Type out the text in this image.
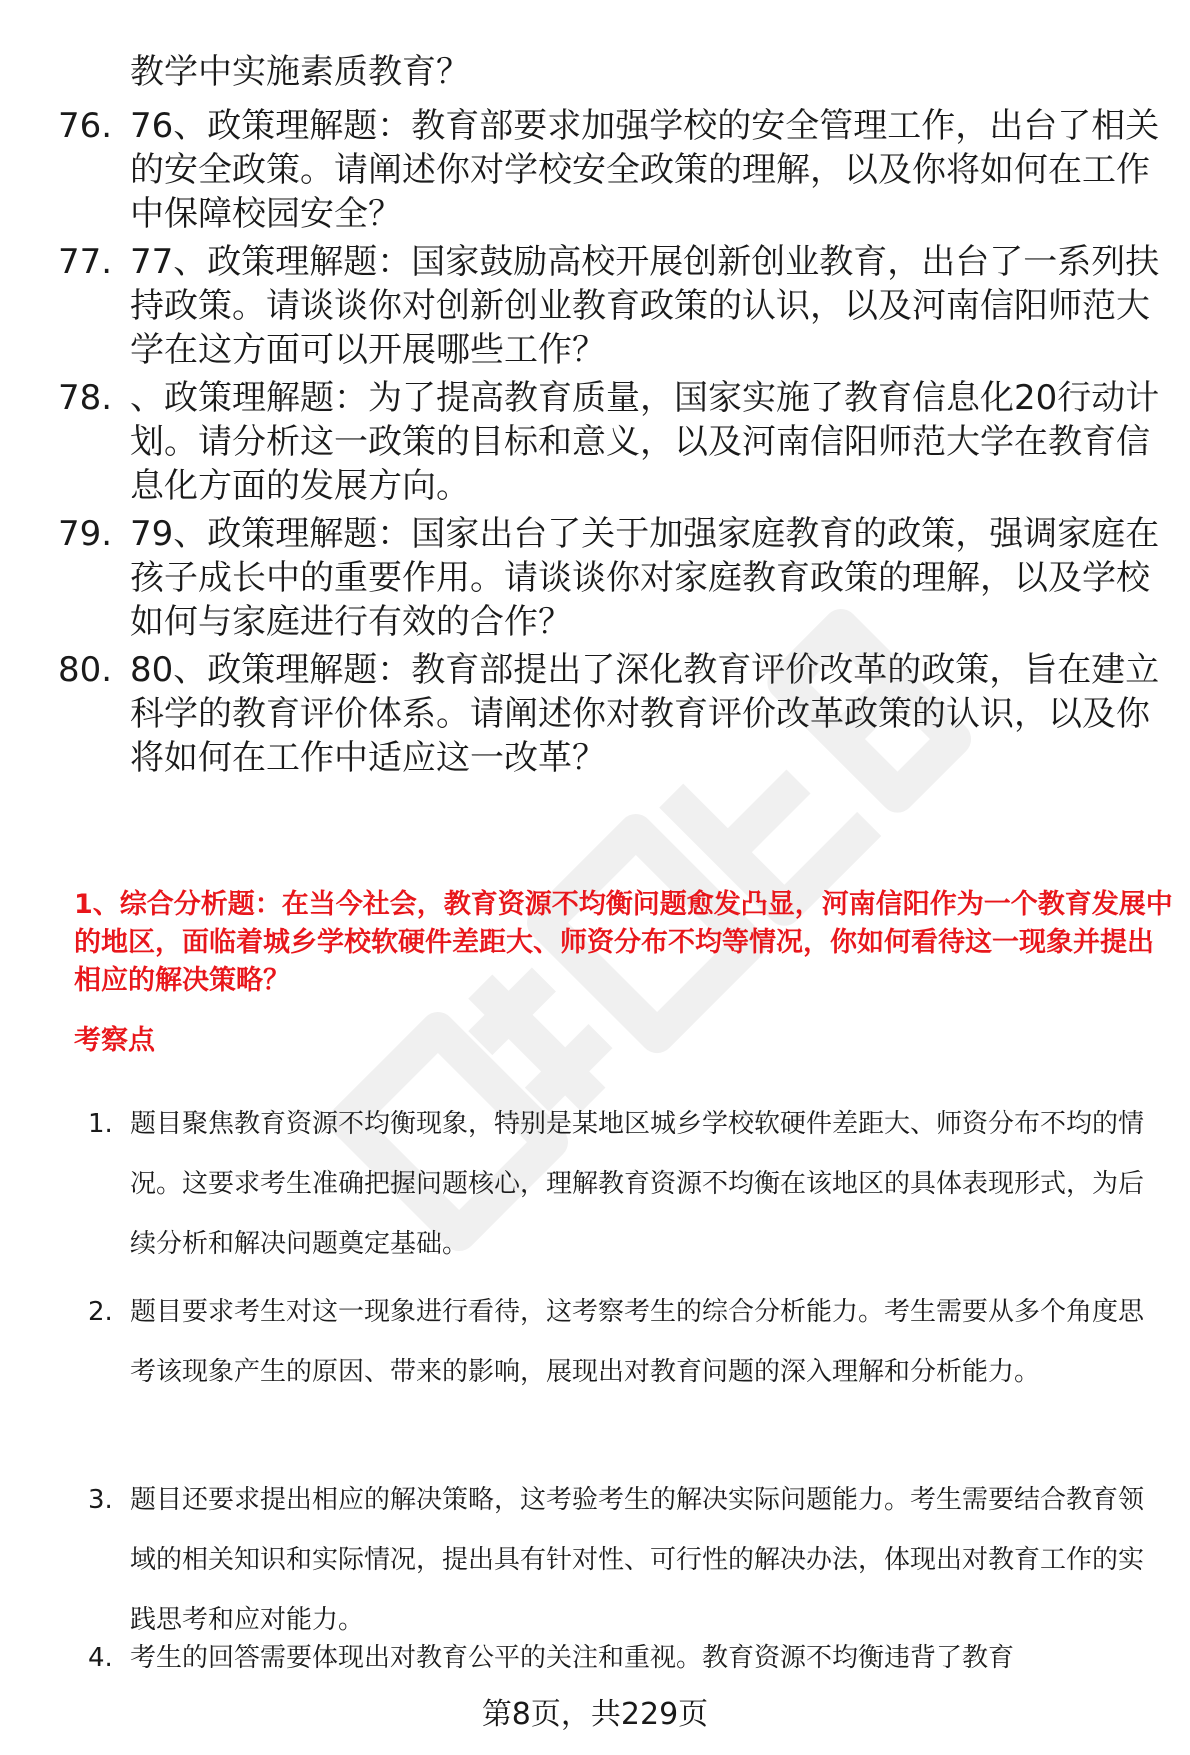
教学中实施素质教育？
76. 76、政策理解题：教育部要求加强学校的安全管理工作，出台了相关的安全政策。请阐述你对学校安全政策的理解，以及你将如何在工作中保障校园安全？
77. 77、政策理解题：国家鼓励高校开展创新创业教育，出台了一系列扶持政策。请谈谈你对创新创业教育政策的认识，以及河南信阳师范大学在这方面可以开展哪些工作？
78. 、政策理解题：为了提高教育质量，国家实施了教育信息化20行动计划。请分析这一政策的目标和意义，以及河南信阳师范大学在教育信息化方面的发展方向。
79. 79、政策理解题：国家出台了关于加强家庭教育的政策，强调家庭在孩子成长中的重要作用。请谈谈你对家庭教育政策的理解，以及学校如何与家庭进行有效的合作？
80. 80、政策理解题：教育部提出了深化教育评价改革的政策，旨在建立科学的教育评价体系。请阐述你对教育评价改革政策的认识，以及你将如何在工作中适应这一改革？
1、综合分析题：在当今社会，教育资源不均衡问题愈发凸显，河南信阳作为一个教育发展中的地区，面临着城乡学校软硬件差距大、师资分布不均等情况，你如何看待这一现象并提出相应的解决策略？
考察点
1. 题目聚焦教育资源不均衡现象，特别是某地区城乡学校软硬件差距大、师资分布不均的情况。这要求考生准确把握问题核心，理解教育资源不均衡在该地区的具体表现形式，为后续分析和解决问题奠定基础。
2. 题目要求考生对这一现象进行看待，这考察考生的综合分析能力。考生需要从多个角度思考该现象产生的原因、带来的影响，展现出对教育问题的深入理解和分析能力。
3. 题目还要求提出相应的解决策略，这考验考生的解决实际问题能力。考生需要结合教育领域的相关知识和实际情况，提出具有针对性、可行性的解决办法，体现出对教育工作的实践思考和应对能力。
4. 考生的回答需要体现出对教育公平的关注和重视。教育资源不均衡违背了教育
第8页，共229页
